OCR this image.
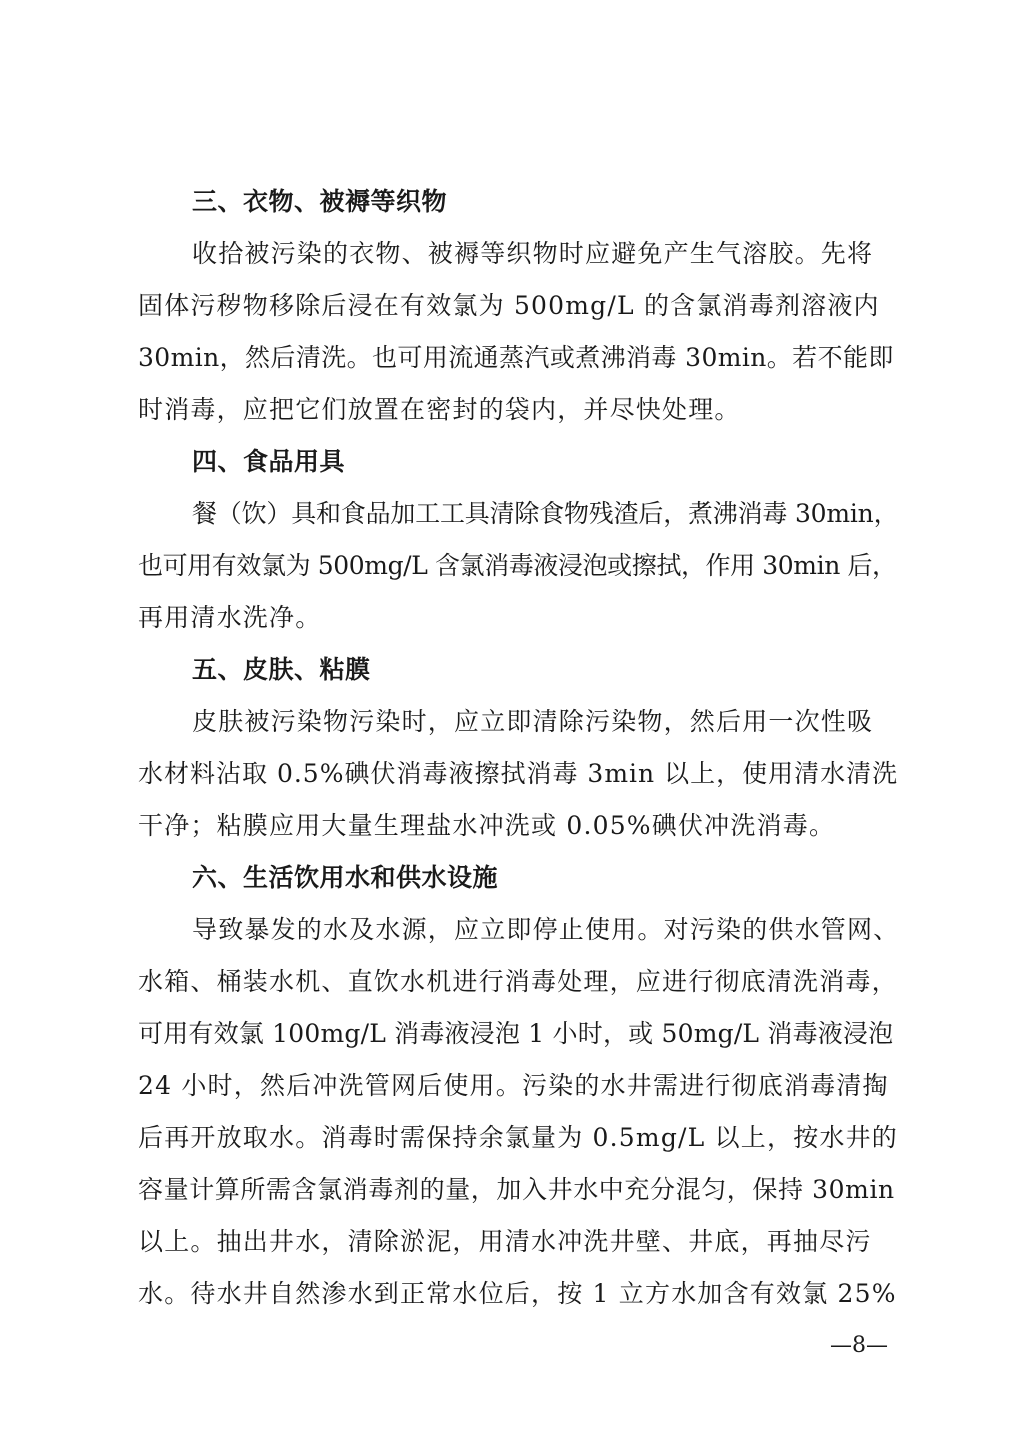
三、衣物、被褥等织物
收拾被污染的衣物、被褥等织物时应避免产生气溶胶。先将
固体污秽物移除后浸在有效氯为 500mg/L 的含氯消毒剂溶液内
30min，然后清洗。也可用流通蒸汽或煮沸消毒 30min。若不能即
时消毒，应把它们放置在密封的袋内，并尽快处理。
四、食品用具
餐（饮）具和食品加工工具清除食物残渣后，煮沸消毒 30min，
也可用有效氯为 500mg/L 含氯消毒液浸泡或擦拭，作用 30min 后，
再用清水洗净。
五、皮肤、粘膜
皮肤被污染物污染时，应立即清除污染物，然后用一次性吸
水材料沾取 0.5%碘伏消毒液擦拭消毒 3min 以上，使用清水清洗
干净；粘膜应用大量生理盐水冲洗或 0.05%碘伏冲洗消毒。
六、生活饮用水和供水设施
导致暴发的水及水源，应立即停止使用。对污染的供水管网、
水箱、桶装水机、直饮水机进行消毒处理，应进行彻底清洗消毒，
可用有效氯 100mg/L 消毒液浸泡 1 小时，或 50mg/L 消毒液浸泡
24 小时，然后冲洗管网后使用。污染的水井需进行彻底消毒清掏
后再开放取水。消毒时需保持余氯量为 0.5mg/L 以上，按水井的
容量计算所需含氯消毒剂的量，加入井水中充分混匀，保持 30min
以上。抽出井水，清除淤泥，用清水冲洗井壁、井底，再抽尽污
水。待水井自然渗水到正常水位后，按 1 立方水加含有效氯 25%
—8—
